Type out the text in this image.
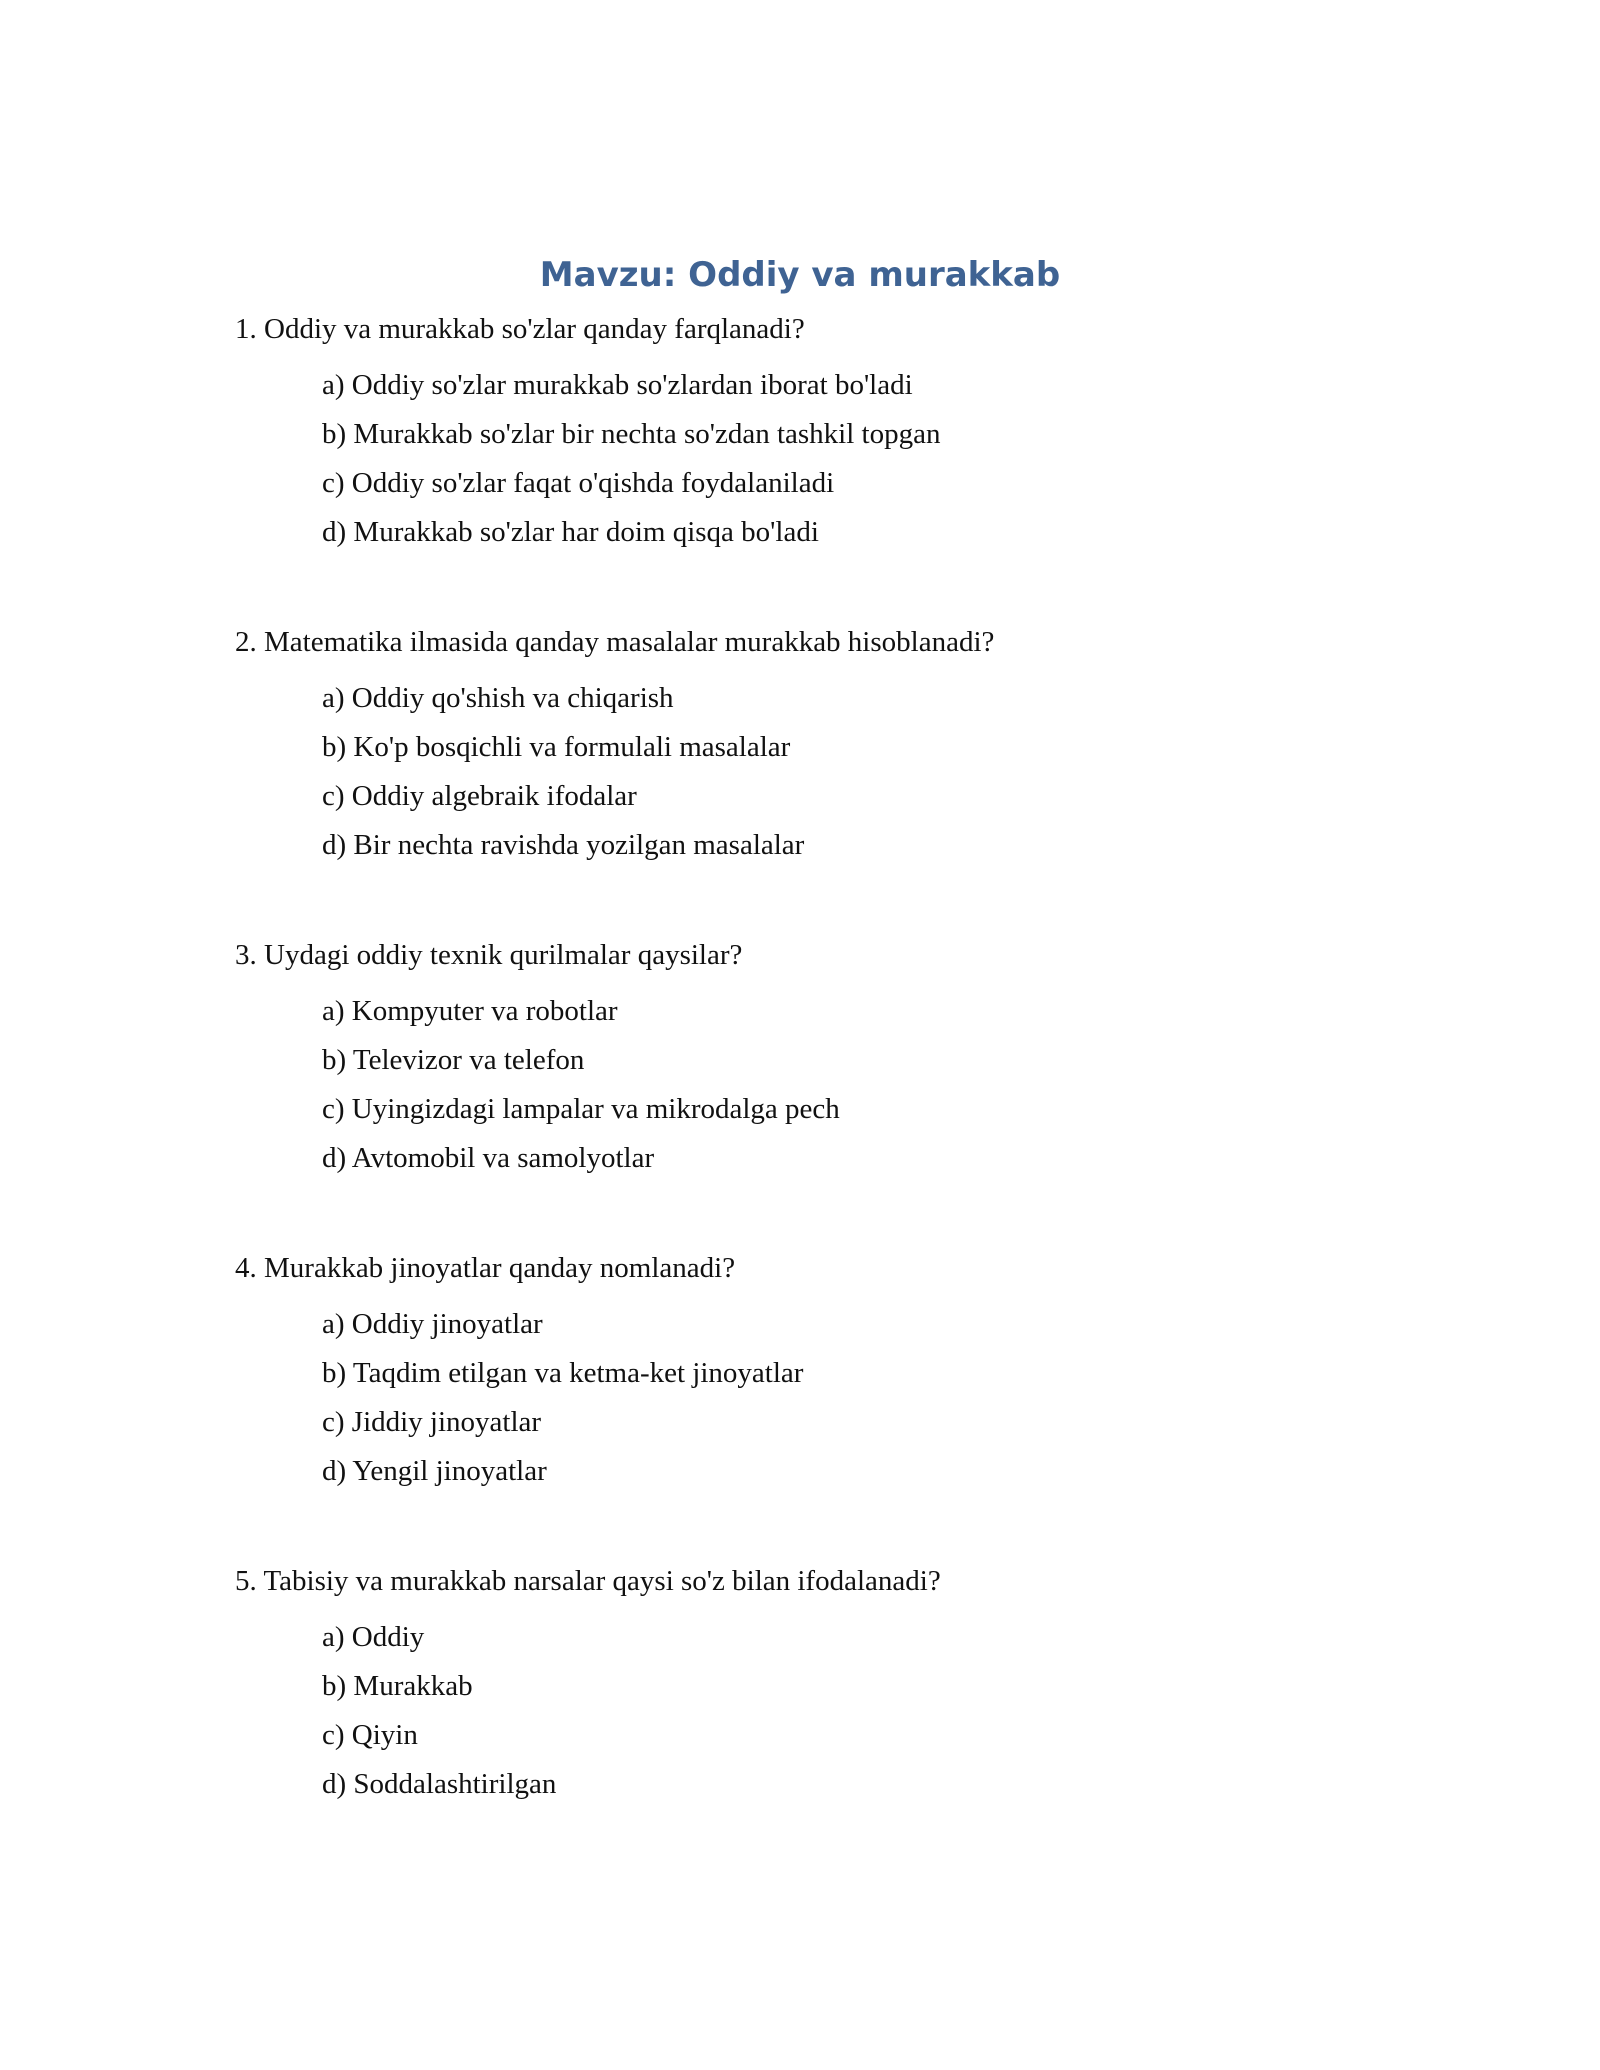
Mavzu: Oddiy va murakkab

1. Oddiy va murakkab so'zlar qanday farqlanadi?

a) Oddiy so'zlar murakkab so'zlardan iborat bo'ladi
b) Murakkab so'zlar bir nechta so'zdan tashkil topgan
c) Oddiy so'zlar faqat o'qishda foydalaniladi
d) Murakkab so'zlar har doim qisqa bo'ladi

2. Matematika ilmasida qanday masalalar murakkab hisoblanadi?

a) Oddiy qo'shish va chiqarish
b) Ko'p bosqichli va formulali masalalar
c) Oddiy algebraik ifodalar
d) Bir nechta ravishda yozilgan masalalar

3. Uydagi oddiy texnik qurilmalar qaysilar?

a) Kompyuter va robotlar
b) Televizor va telefon
c) Uyingizdagi lampalar va mikrodalga pech
d) Avtomobil va samolyotlar

4. Murakkab jinoyatlar qanday nomlanadi?

a) Oddiy jinoyatlar
b) Taqdim etilgan va ketma-ket jinoyatlar
c) Jiddiy jinoyatlar
d) Yengil jinoyatlar

5. Tabisiy va murakkab narsalar qaysi so'z bilan ifodalanadi?

a) Oddiy
b) Murakkab
c) Qiyin
d) Soddalashtirilgan
